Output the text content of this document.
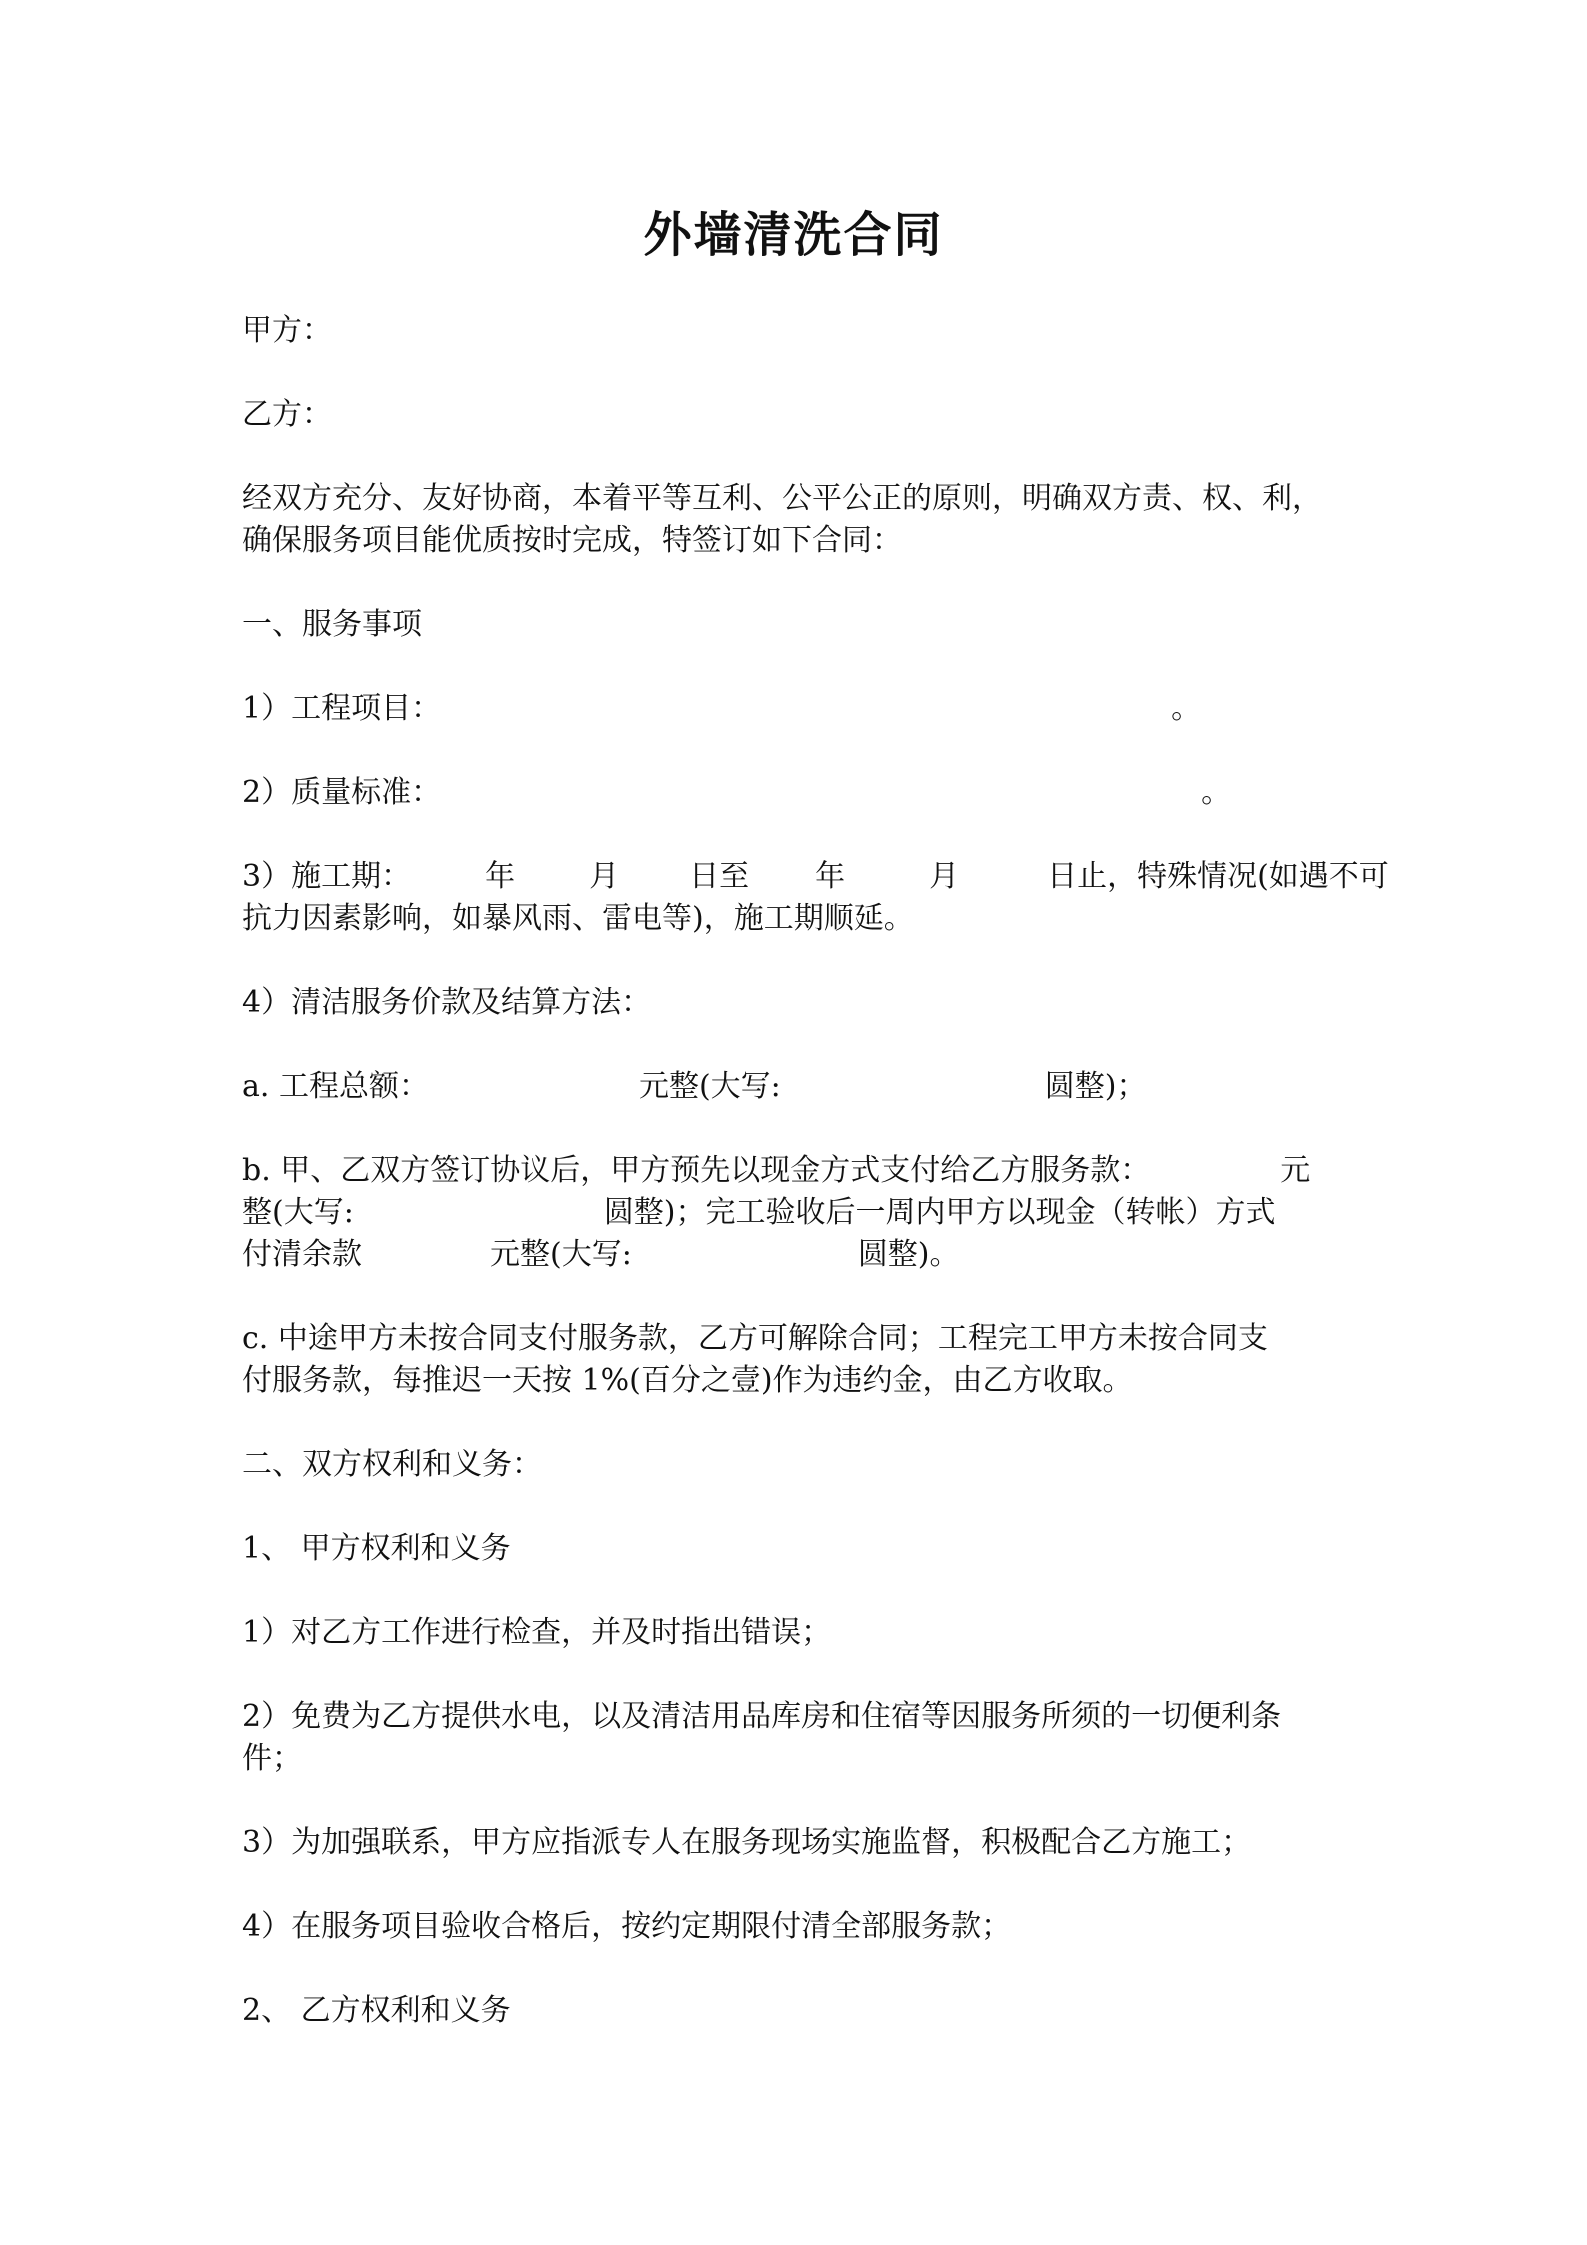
外墙清洗合同

甲方：

乙方：

经双方充分、友好协商，本着平等互利、公平公正的原则，明确双方责、权、利，

确保服务项目能优质按时完成，特签订如下合同：

一、服务事项

1）工程项目：	。

2）质量标准：	。

3）施工期： 年 月 日至 年	月	日止，特殊情况(如遇不可

抗力因素影响，如暴风雨、雷电等)，施工期顺延。

4）清洁服务价款及结算方法：

a. 工程总额：	元整(大写:	圆整)；

b. 甲、乙双方签订协议后，甲方预先以现金方式支付给乙方服务款：	元

整(大写:	圆整)；完工验收后一周内甲方以现金（转帐）方式

付清余款	元整(大写:	圆整)。

c. 中途甲方未按合同支付服务款，乙方可解除合同；工程完工甲方未按合同支

付服务款，每推迟一天按 1%(百分之壹)作为违约金，由乙方收取。

二、双方权利和义务：

1、 甲方权利和义务

1）对乙方工作进行检查，并及时指出错误；

2）免费为乙方提供水电，以及清洁用品库房和住宿等因服务所须的一切便利条

件；

3）为加强联系，甲方应指派专人在服务现场实施监督，积极配合乙方施工；

4）在服务项目验收合格后，按约定期限付清全部服务款；

2、 乙方权利和义务
